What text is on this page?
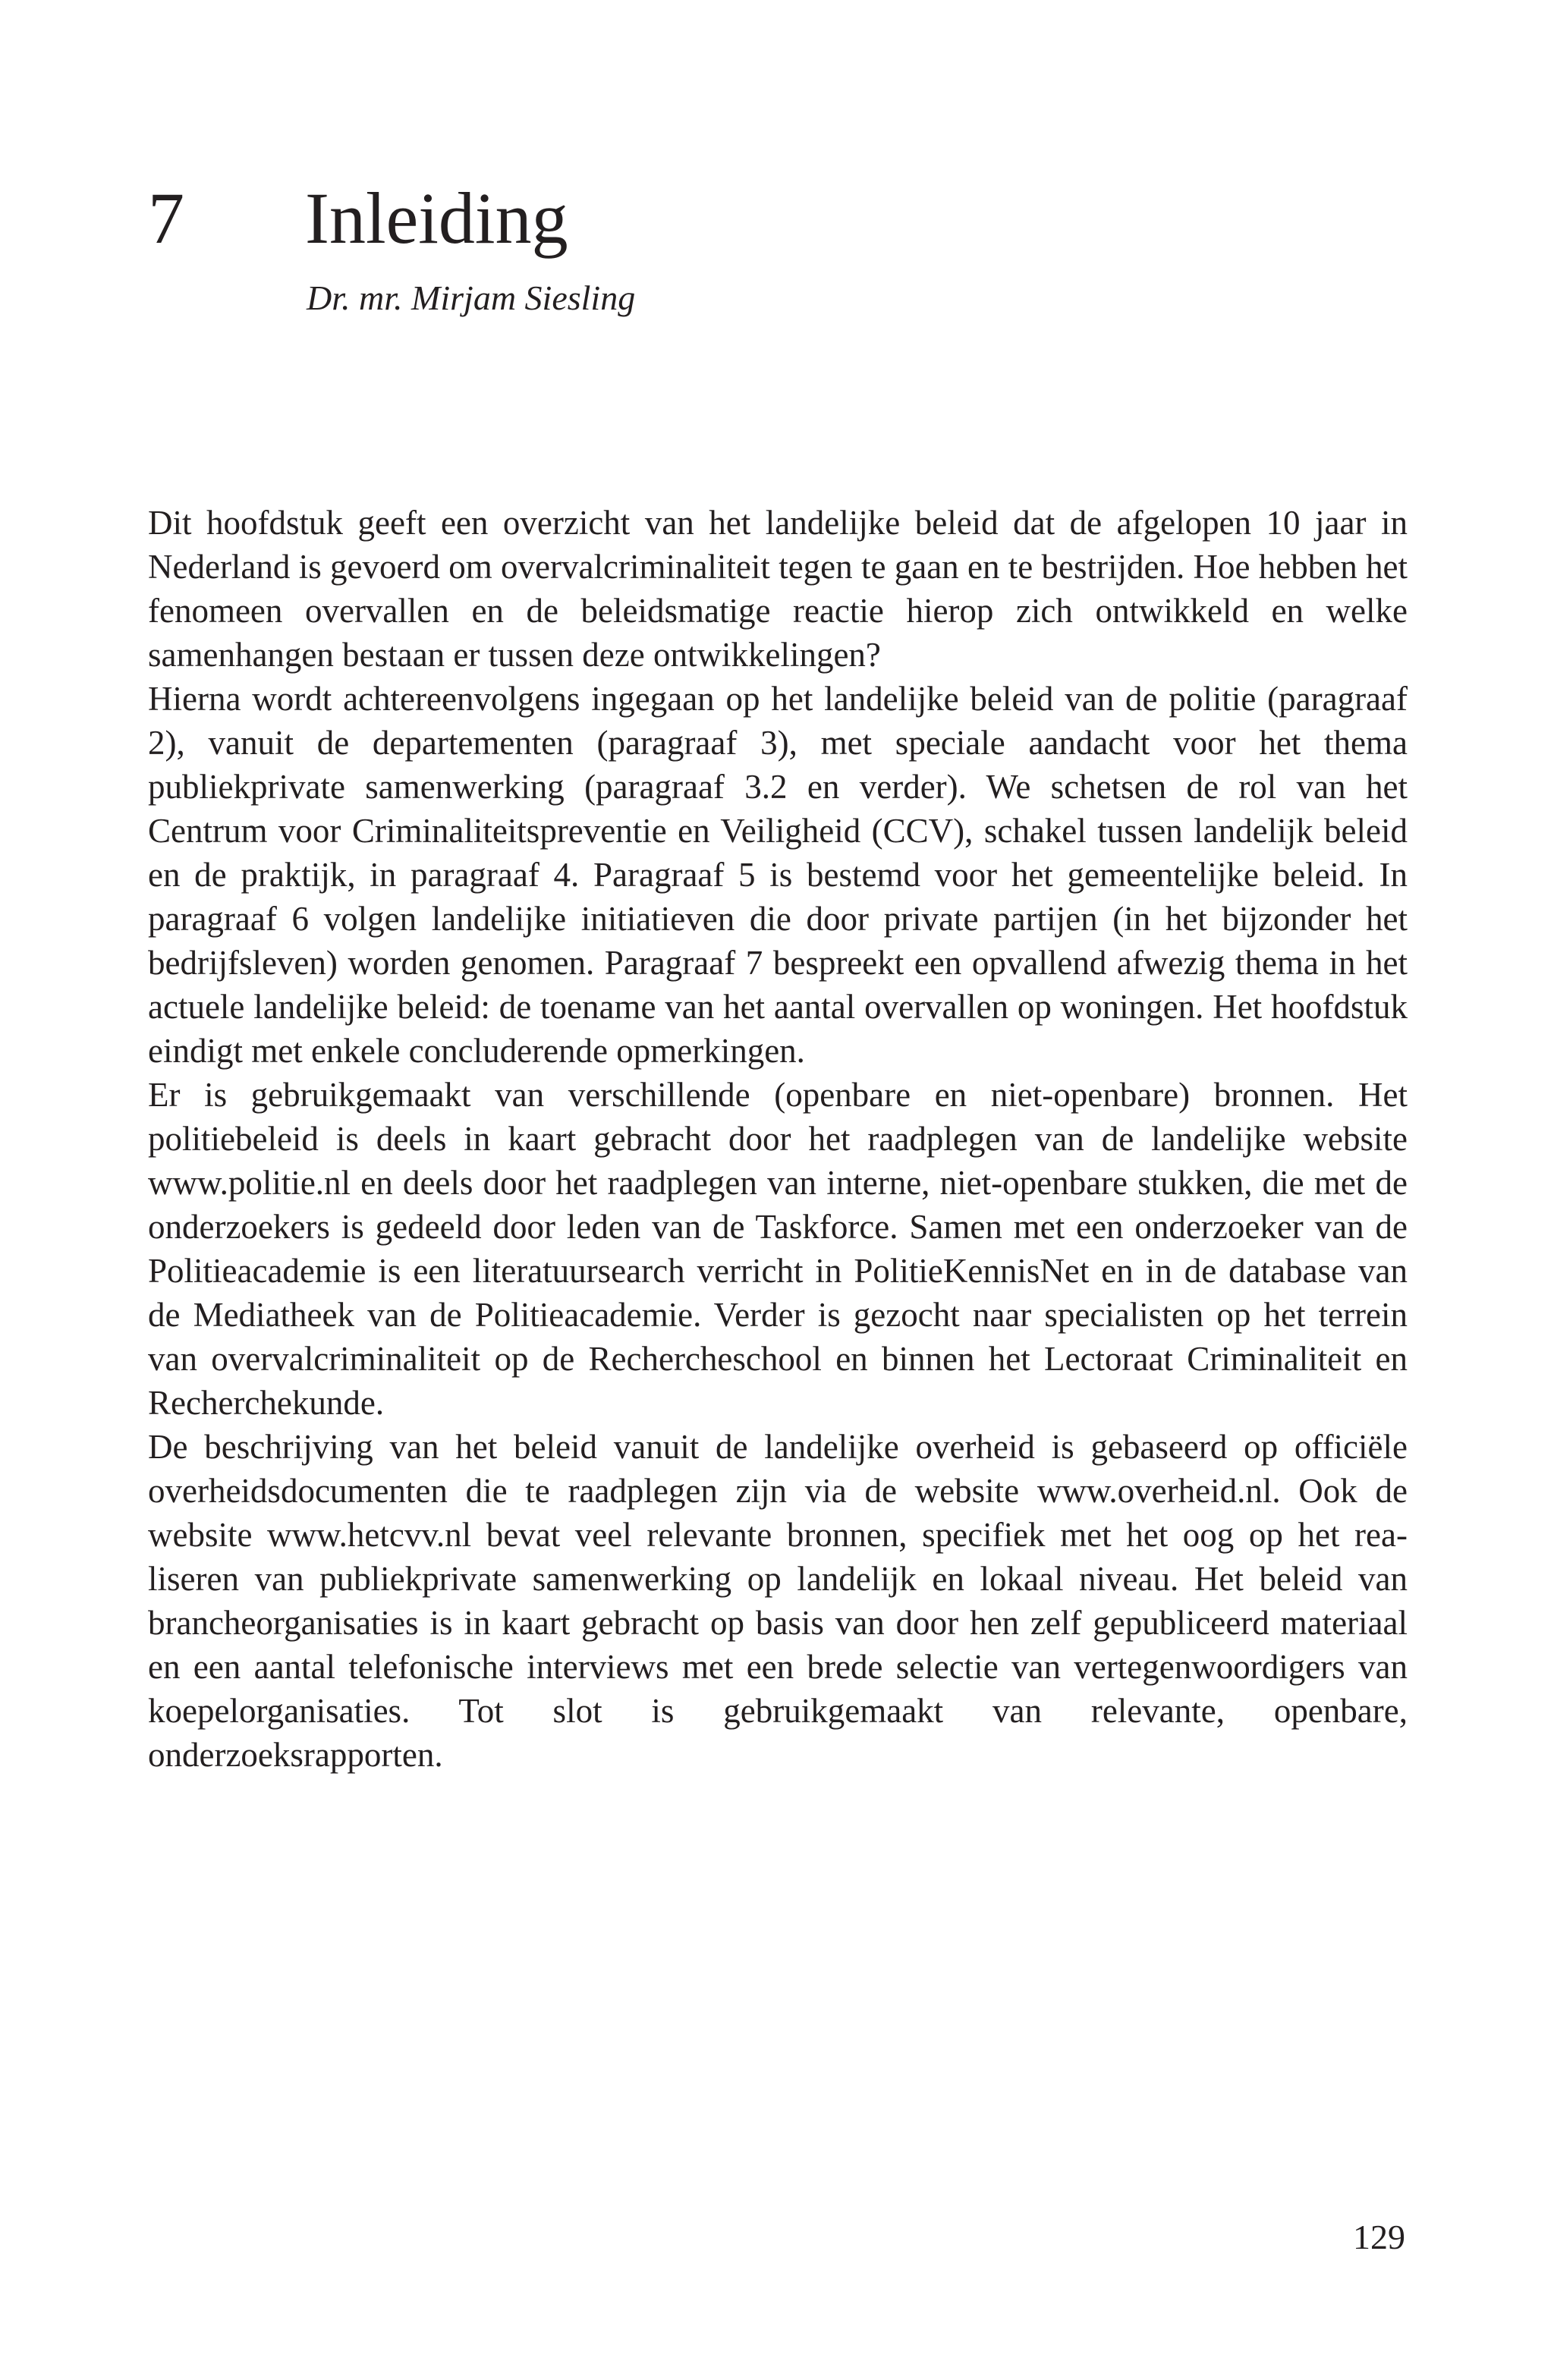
7 Inleiding

Dr. mr. Mirjam Siesling

Dit hoofdstuk geeft een overzicht van het landelijke beleid dat de afgelopen 10 jaar in Nederland is gevoerd om overvalcriminaliteit tegen te gaan en te bestrijden. Hoe hebben het fenomeen overvallen en de beleidsmatige reactie hierop zich ontwikkeld en welke samenhangen bestaan er tussen deze ontwikkelingen?

Hierna wordt achtereenvolgens ingegaan op het landelijke beleid van de politie (paragraaf 2), vanuit de departementen (paragraaf 3), met speciale aandacht voor het thema publiekprivate samenwerking (paragraaf 3.2 en verder). We schetsen de rol van het Centrum voor Criminaliteitspreventie en Veiligheid (CCV), schakel tussen landelijk beleid en de praktijk, in paragraaf 4. Paragraaf 5 is bestemd voor het gemeentelijke beleid. In paragraaf 6 volgen landelijke initiatieven die door private partijen (in het bijzonder het bedrijfsleven) worden genomen. Paragraaf 7 bespreekt een opvallend afwezig thema in het actuele landelijke beleid: de toename van het aantal overvallen op woningen. Het hoofdstuk eindigt met enkele concluderende opmerkingen.

Er is gebruikgemaakt van verschillende (openbare en niet-openbare) bronnen. Het politiebeleid is deels in kaart gebracht door het raadplegen van de landelijke website www.politie.nl en deels door het raadplegen van interne, niet-openbare stukken, die met de onderzoekers is gedeeld door leden van de Taskforce. Samen met een onderzoeker van de Politieacademie is een literatuursearch verricht in PolitieKennisNet en in de database van de Mediatheek van de Politieacademie. Verder is gezocht naar specialisten op het terrein van overvalcriminaliteit op de Rechercheschool en binnen het Lectoraat Criminaliteit en Recherchekunde.

De beschrijving van het beleid vanuit de landelijke overheid is gebaseerd op officiële overheidsdocumenten die te raadplegen zijn via de website www.overheid.nl. Ook de website www.hetcvv.nl bevat veel relevante bronnen, specifiek met het oog op het realiseren van publiekprivate samenwerking op landelijk en lokaal niveau. Het beleid van brancheorganisaties is in kaart gebracht op basis van door hen zelf gepubliceerd materiaal en een aantal telefonische interviews met een brede selectie van vertegenwoordigers van koepelorganisaties. Tot slot is gebruikgemaakt van relevante, openbare, onderzoeksrapporten.

129
